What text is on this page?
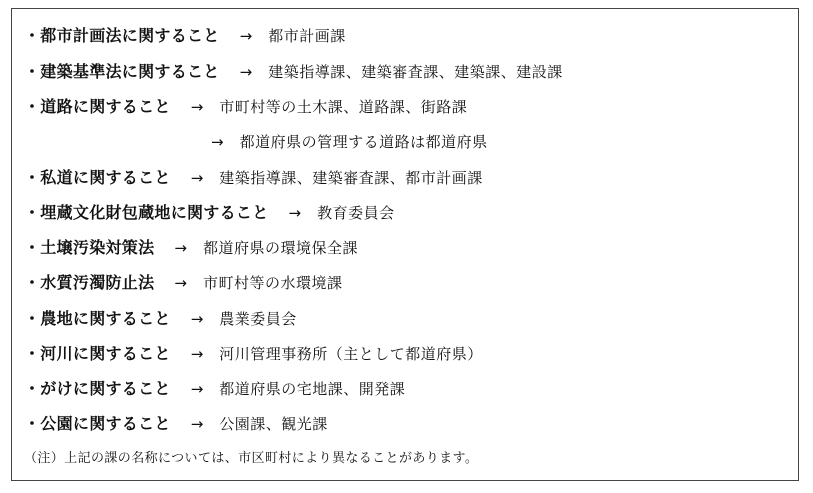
・都市計画法に関すること → 都市計画課
・建築基準法に関すること → 建築指導課、建築審査課、建築課、建設課
・道路に関すること → 市町村等の土木課、道路課、街路課
→ 都道府県の管理する道路は都道府県
・私道に関すること → 建築指導課、建築審査課、都市計画課
・埋蔵文化財包蔵地に関すること → 教育委員会
・土壌汚染対策法 → 都道府県の環境保全課
・水質汚濁防止法 → 市町村等の水環境課
・農地に関すること → 農業委員会
・河川に関すること → 河川管理事務所（主として都道府県）
・がけに関すること → 都道府県の宅地課、開発課
・公園に関すること → 公園課、観光課
（注）上記の課の名称については、市区町村により異なることがあります。
